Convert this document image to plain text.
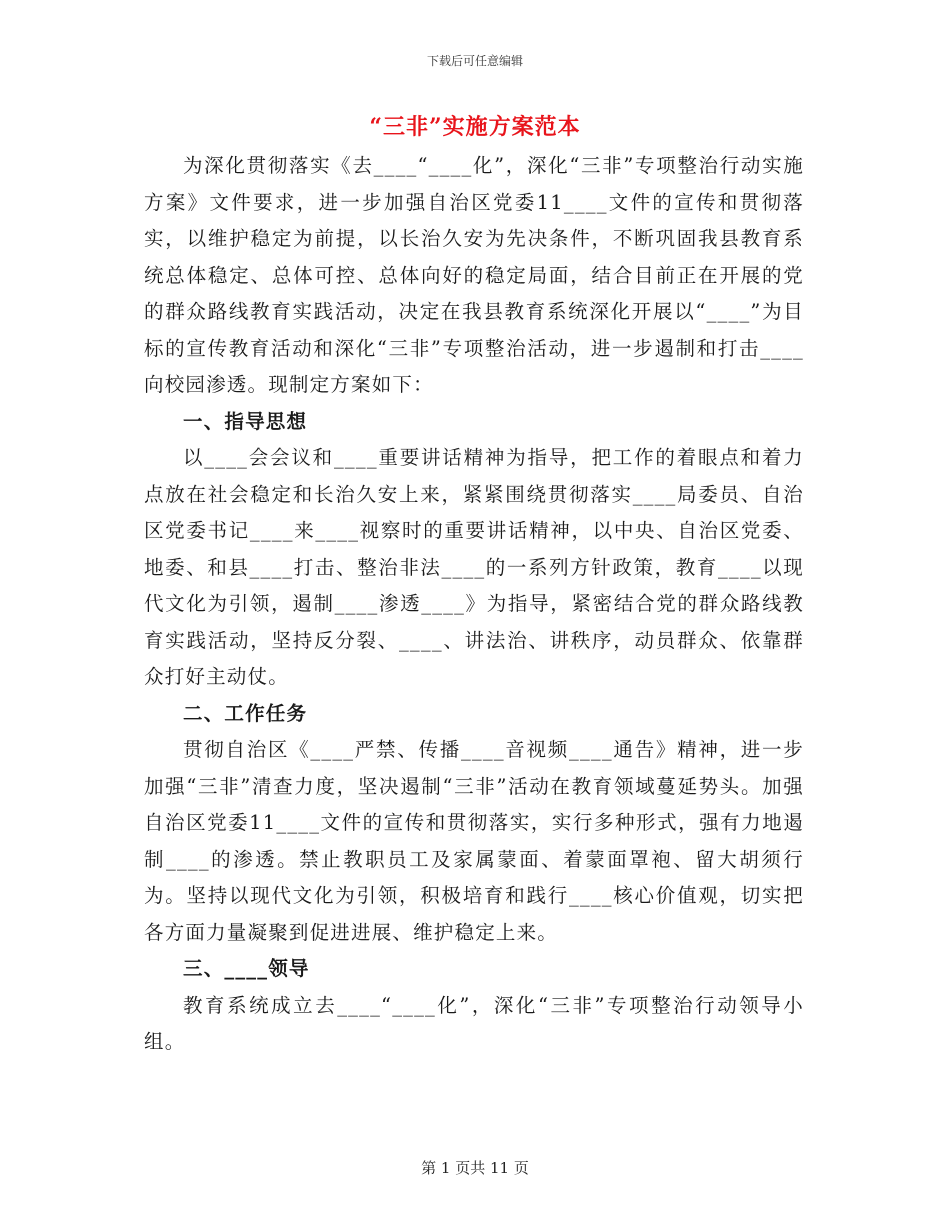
下载后可任意编辑
“三非”实施方案范本

为深化贯彻落实《去____“____化”，深化“三非”专项整治行动实施方案》文件要求，进一步加强自治区党委11____文件的宣传和贯彻落实，以维护稳定为前提，以长治久安为先决条件，不断巩固我县教育系统总体稳定、总体可控、总体向好的稳定局面，结合目前正在开展的党的群众路线教育实践活动，决定在我县教育系统深化开展以“____”为目标的宣传教育活动和深化“三非”专项整治活动，进一步遏制和打击____向校园渗透。现制定方案如下：

一、指导思想

以____会会议和____重要讲话精神为指导，把工作的着眼点和着力点放在社会稳定和长治久安上来，紧紧围绕贯彻落实____局委员、自治区党委书记____来____视察时的重要讲话精神，以中央、自治区党委、地委、和县____打击、整治非法____的一系列方针政策，教育____以现代文化为引领，遏制____渗透____》为指导，紧密结合党的群众路线教育实践活动，坚持反分裂、____、讲法治、讲秩序，动员群众、依靠群众打好主动仗。

二、工作任务

贯彻自治区《____严禁、传播____音视频____通告》精神，进一步加强“三非”清查力度，坚决遏制“三非”活动在教育领域蔓延势头。加强自治区党委11____文件的宣传和贯彻落实，实行多种形式，强有力地遏制____的渗透。禁止教职员工及家属蒙面、着蒙面罩袍、留大胡须行为。坚持以现代文化为引领，积极培育和践行____核心价值观，切实把各方面力量凝聚到促进进展、维护稳定上来。

三、____领导

教育系统成立去____“____化”，深化“三非”专项整治行动领导小组。

第 1 页共 11 页
